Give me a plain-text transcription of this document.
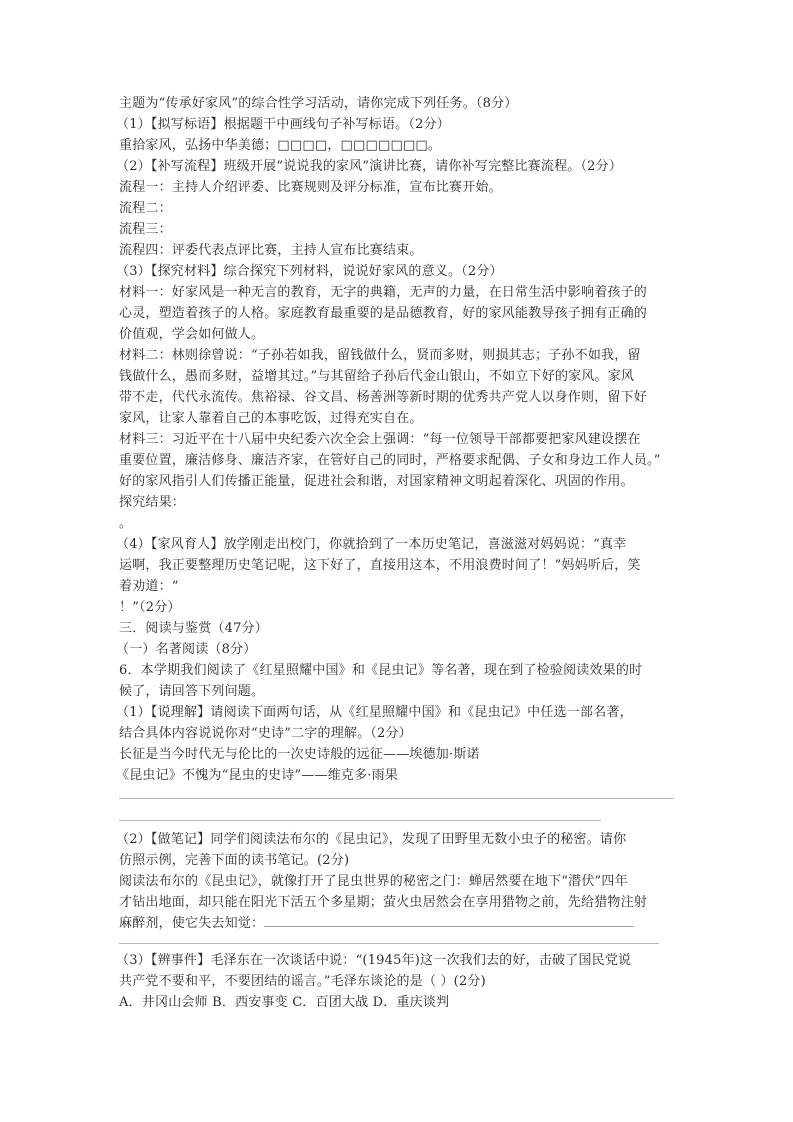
主题为“传承好家风”的综合性学习活动，请你完成下列任务。（8分）
（1）【拟写标语】根据题干中画线句子补写标语。（2分）
重拾家风，弘扬中华美德；□□□□，□□□□□□□。
（2）【补写流程】班级开展“说说我的家风”演讲比赛，请你补写完整比赛流程。（2分）
流程一：主持人介绍评委、比赛规则及评分标准，宣布比赛开始。
流程二：
流程三：
流程四：评委代表点评比赛，主持人宣布比赛结束。
（3）【探究材料】综合探究下列材料，说说好家风的意义。（2分）
材料一：好家风是一种无言的教育，无字的典籍，无声的力量，在日常生活中影响着孩子的
心灵，塑造着孩子的人格。家庭教育最重要的是品德教育，好的家风能教导孩子拥有正确的
价值观，学会如何做人。
材料二：林则徐曾说：“子孙若如我，留钱做什么，贤而多财，则损其志；子孙不如我，留
钱做什么，愚而多财，益增其过。”与其留给子孙后代金山银山，不如立下好的家风。家风
带不走，代代永流传。焦裕禄、谷文昌、杨善洲等新时期的优秀共产党人以身作则，留下好
家风，让家人靠着自己的本事吃饭，过得充实自在。
材料三：习近平在十八届中央纪委六次全会上强调：“每一位领导干部都要把家风建设摆在
重要位置，廉洁修身、廉洁齐家，在管好自己的同时，严格要求配偶、子女和身边工作人员。”
好的家风指引人们传播正能量，促进社会和谐，对国家精神文明起着深化、巩固的作用。
探究结果：
。
（4）【家风育人】放学刚走出校门，你就拾到了一本历史笔记，喜滋滋对妈妈说：“真幸
运啊，我正要整理历史笔记呢，这下好了，直接用这本，不用浪费时间了！”妈妈听后，笑
着劝道：“
！”（2分）
三．阅读与鉴赏（47分）
（一）名著阅读（8分）
6．本学期我们阅读了《红星照耀中国》和《昆虫记》等名著，现在到了检验阅读效果的时
候了，请回答下列问题。
（1）【说理解】请阅读下面两句话，从《红星照耀中国》和《昆虫记》中任选一部名著，
结合具体内容说说你对“史诗”二字的理解。（2分）
长征是当今时代无与伦比的一次史诗般的远征——埃德加·斯诺
《昆虫记》不愧为“昆虫的史诗”——维克多·雨果
（2）【做笔记】同学们阅读法布尔的《昆虫记》，发现了田野里无数小虫子的秘密。请你
仿照示例，完善下面的读书笔记。(2分)
阅读法布尔的《昆虫记》，就像打开了昆虫世界的秘密之门：蝉居然要在地下“潜伏”四年
才钻出地面，却只能在阳光下活五个多星期；萤火虫居然会在享用猎物之前，先给猎物注射
麻醉剂，使它失去知觉：
（3）【辨事件】毛泽东在一次谈话中说：“(1945年)这一次我们去的好，击破了国民党说
共产党不要和平，不要团结的谣言。”毛泽东谈论的是（ ）(2分)
A．井冈山会师 B．西安事变 C．百团大战 D．重庆谈判
